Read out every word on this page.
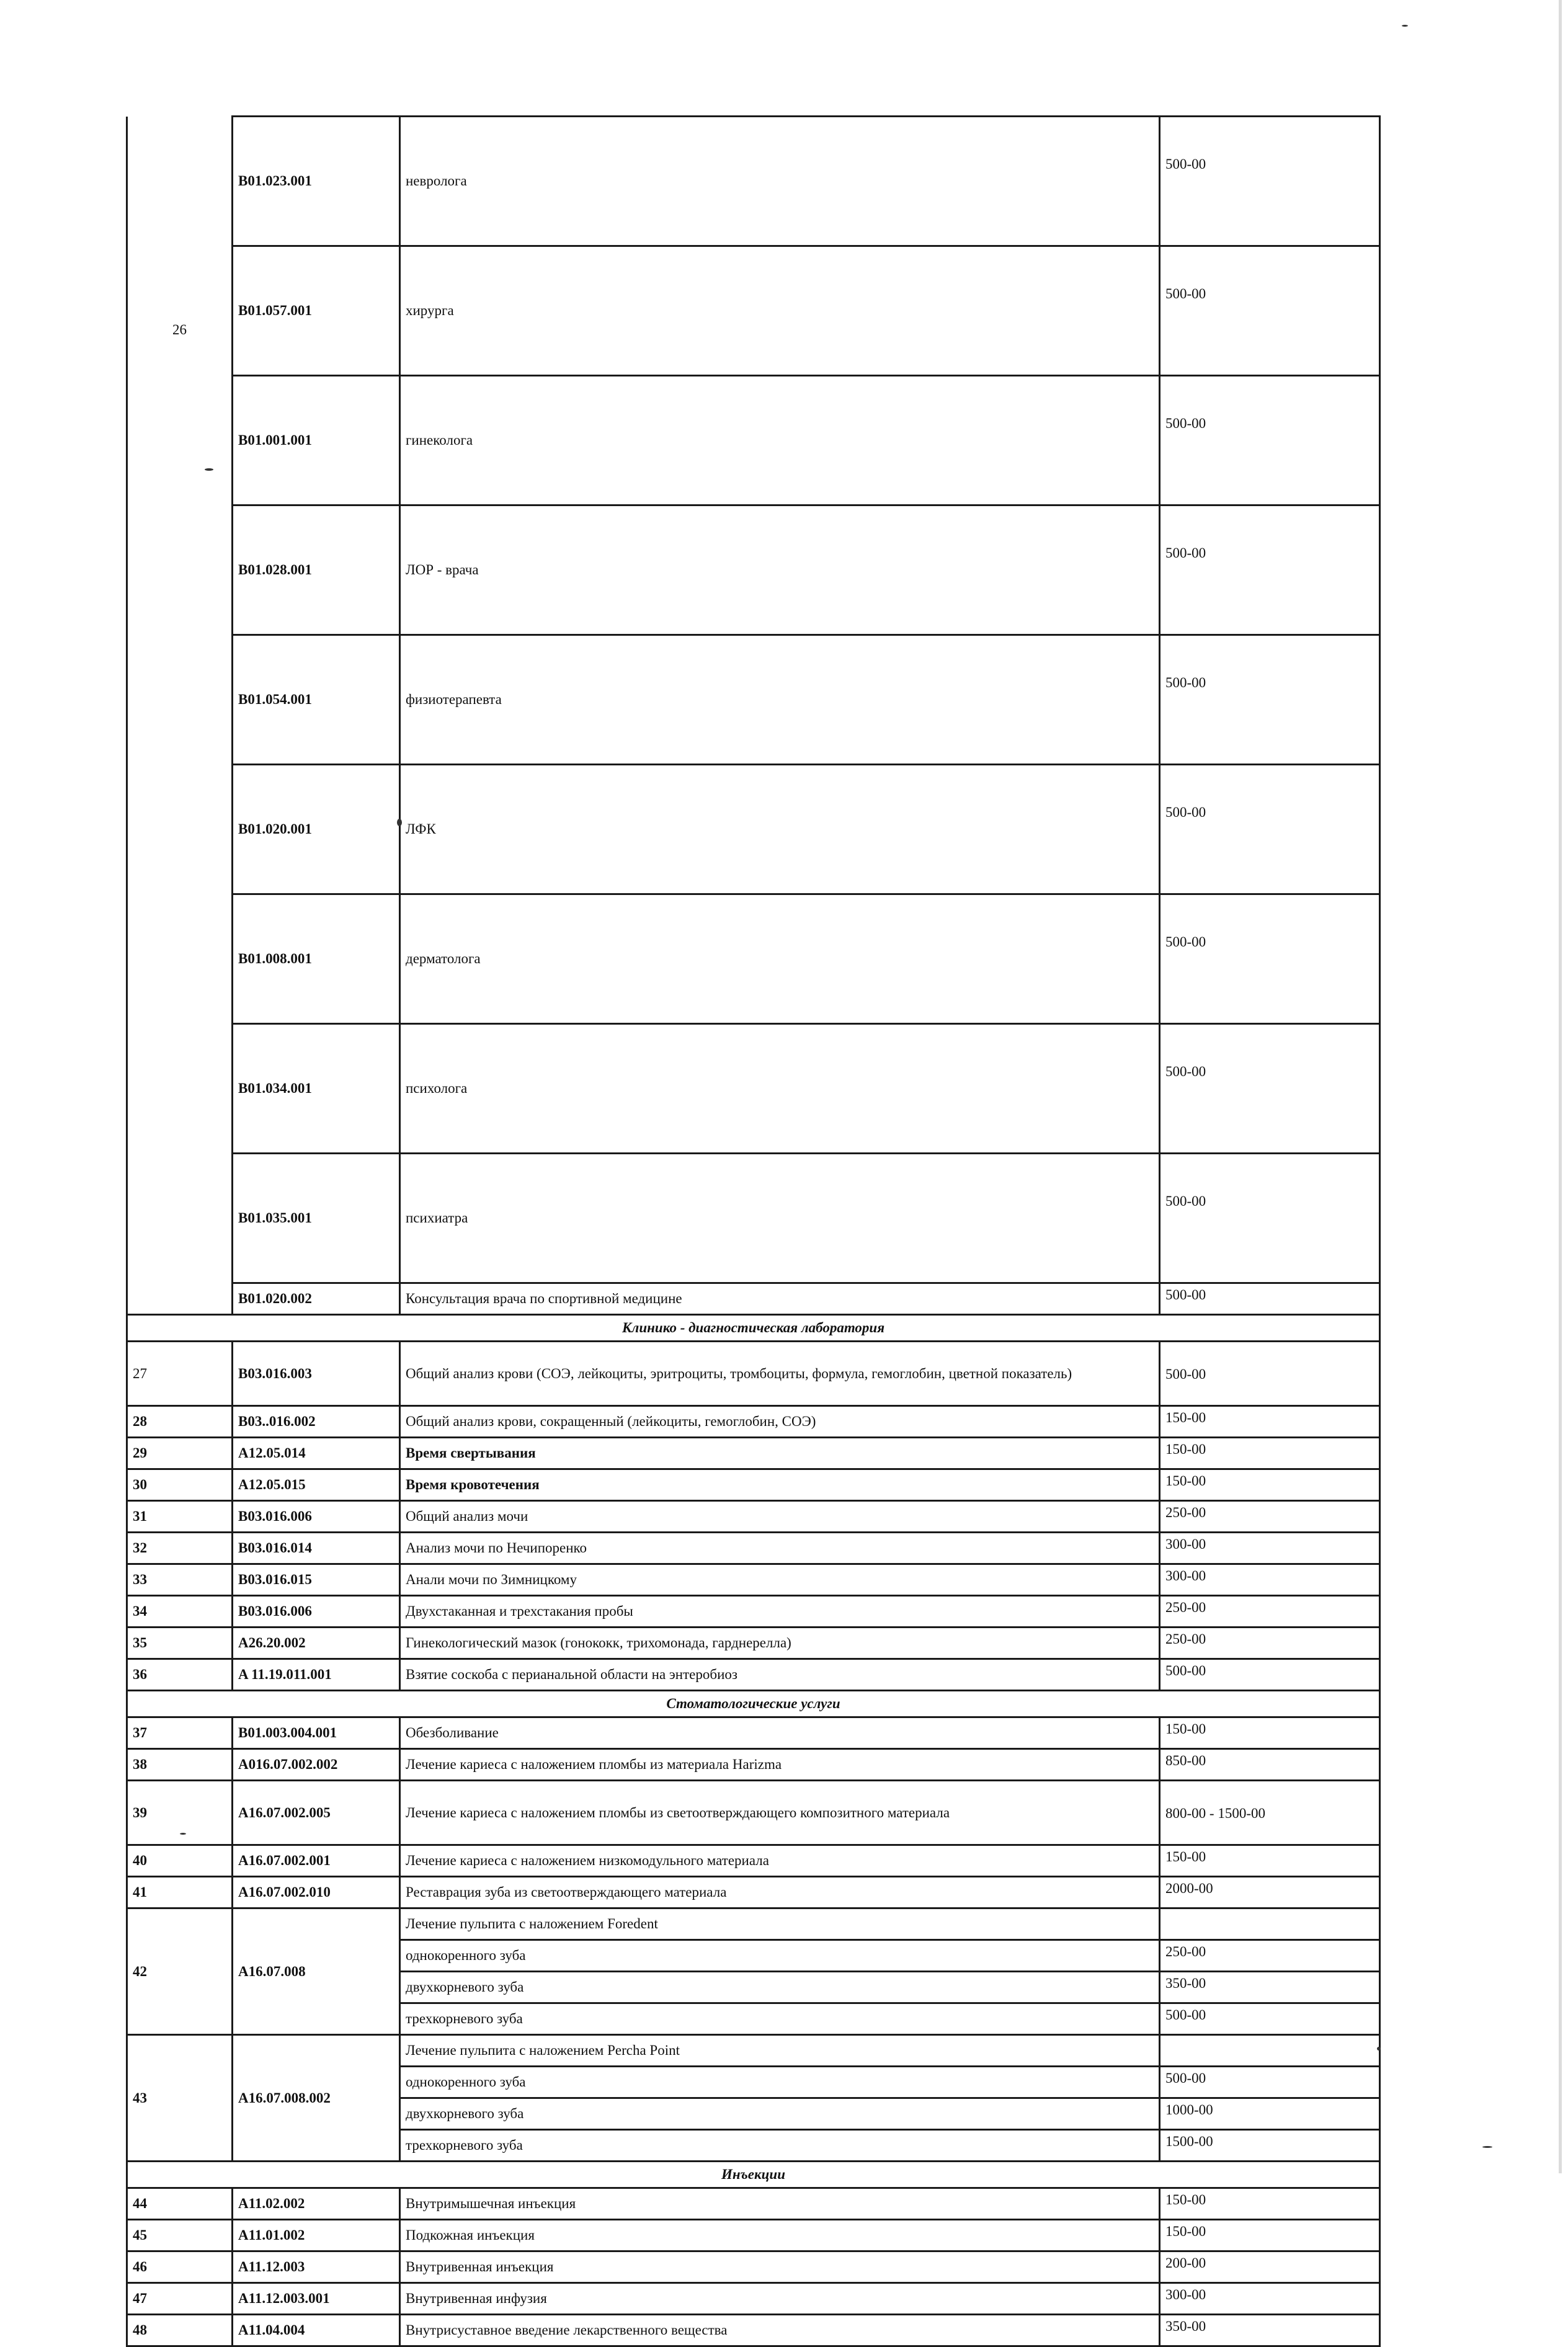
26	B01.023.001	невролога	500-00
	B01.057.001	хирурга	500-00
	B01.001.001	гинеколога	500-00
	B01.028.001	ЛОР - врача	500-00
	B01.054.001	физиотерапевта	500-00
	B01.020.001	ЛФК	500-00
	B01.008.001	дерматолога	500-00
	B01.034.001	психолога	500-00
	B01.035.001	психиатра	500-00
	B01.020.002	Консультация врача по спортивной медицине	500-00
Клинико - диагностическая лаборатория			
27	B03.016.003	Общий анализ крови (СОЭ, лейкоциты, эритроциты, тромбоциты, формула, гемоглобин, цветной показатель)	500-00
28	B03..016.002	Общий анализ крови, сокращенный (лейкоциты, гемоглобин, СОЭ)	150-00
29	A12.05.014	Время свертывания	150-00
30	A12.05.015	Время кровотечения	150-00
31	B03.016.006	Общий анализ мочи	250-00
32	B03.016.014	Анализ мочи по Нечипоренко	300-00
33	B03.016.015	Анали мочи по Зимницкому	300-00
34	B03.016.006	Двухстаканная и трехстакания пробы	250-00
35	A26.20.002	Гинекологический мазок (гонококк, трихомонада, гарднерелла)	250-00
36	A 11.19.011.001	Взятие соскоба с перианальной области на энтеробиоз	500-00
Стоматологические услуги			
37	B01.003.004.001	Обезболивание	150-00
38	A016.07.002.002	Лечение кариеса с наложением пломбы из материала Harizma	850-00
39	A16.07.002.005	Лечение кариеса с наложением пломбы из светоотверждающего композитного материала	800-00 - 1500-00
40	A16.07.002.001	Лечение кариеса с наложением низкомодульного материала	150-00
41	A16.07.002.010	Реставрация зуба из светоотверждающего материала	2000-00
42	A16.07.008	Лечение пульпита с наложением Foredent	
		однокоренного зуба	250-00
		двухкорневого зуба	350-00
		трехкорневого зуба	500-00
43	A16.07.008.002	Лечение пульпита с наложением Percha Point	
		однокоренного зуба	500-00
		двухкорневого зуба	1000-00
		трехкорневого зуба	1500-00
Инъекции			
44	A11.02.002	Внутримышечная инъекция	150-00
45	A11.01.002	Подкожная инъекция	150-00
46	A11.12.003	Внутривенная инъекция	200-00
47	A11.12.003.001	Внутривенная инфузия	300-00
48	A11.04.004	Внутрисуставное введение лекарственного вещества	350-00
